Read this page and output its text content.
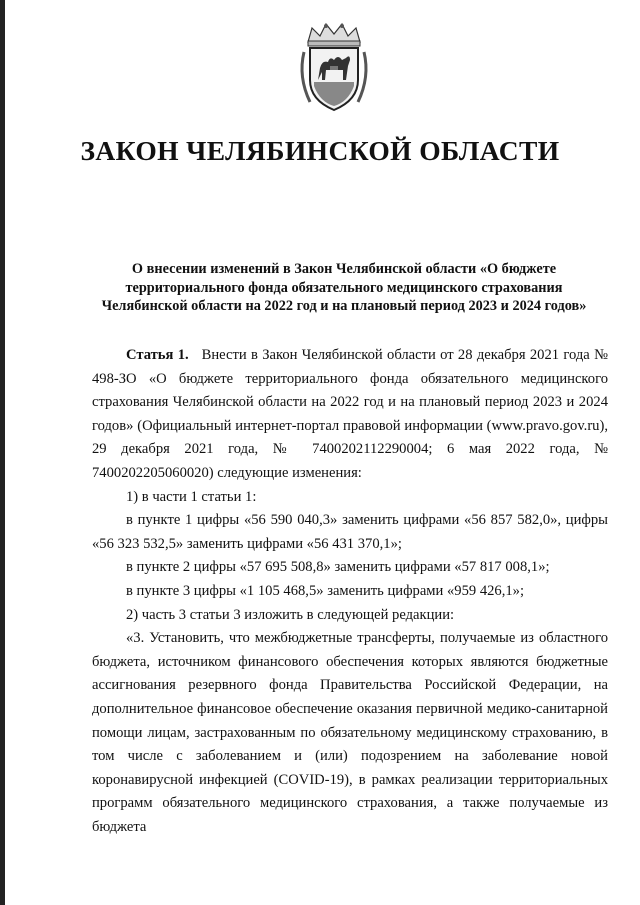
ЗАКОН ЧЕЛЯБИНСКОЙ ОБЛАСТИ
О внесении изменений в Закон Челябинской области «О бюджете
территориального фонда обязательного медицинского страхования
Челябинской области на 2022 год и на плановый период 2023 и 2024 годов»

Статья 1. Внести в Закон Челябинской области от 28 декабря 2021 года № 498-ЗО «О бюджете территориального фонда обязательного медицинского страхования Челябинской области на 2022 год и на плановый период 2023 и 2024 годов» (Официальный интернет-портал правовой информации (www.pravo.gov.ru), 29 декабря 2021 года, № 7400202112290004; 6 мая 2022 года, № 7400202205060020) следующие изменения:

1) в части 1 статьи 1:

в пункте 1 цифры «56 590 040,3» заменить цифрами «56 857 582,0», цифры «56 323 532,5» заменить цифрами «56 431 370,1»;

в пункте 2 цифры «57 695 508,8» заменить цифрами «57 817 008,1»;

в пункте 3 цифры «1 105 468,5» заменить цифрами «959 426,1»;

2) часть 3 статьи 3 изложить в следующей редакции:

«3. Установить, что межбюджетные трансферты, получаемые из областного бюджета, источником финансового обеспечения которых являются бюджетные ассигнования резервного фонда Правительства Российской Федерации, на дополнительное финансовое обеспечение оказания первичной медико-санитарной помощи лицам, застрахованным по обязательному медицинскому страхованию, в том числе с заболеванием и (или) подозрением на заболевание новой коронавирусной инфекцией (COVID-19), в рамках реализации территориальных программ обязательного медицинского страхования, а также получаемые из бюджета
